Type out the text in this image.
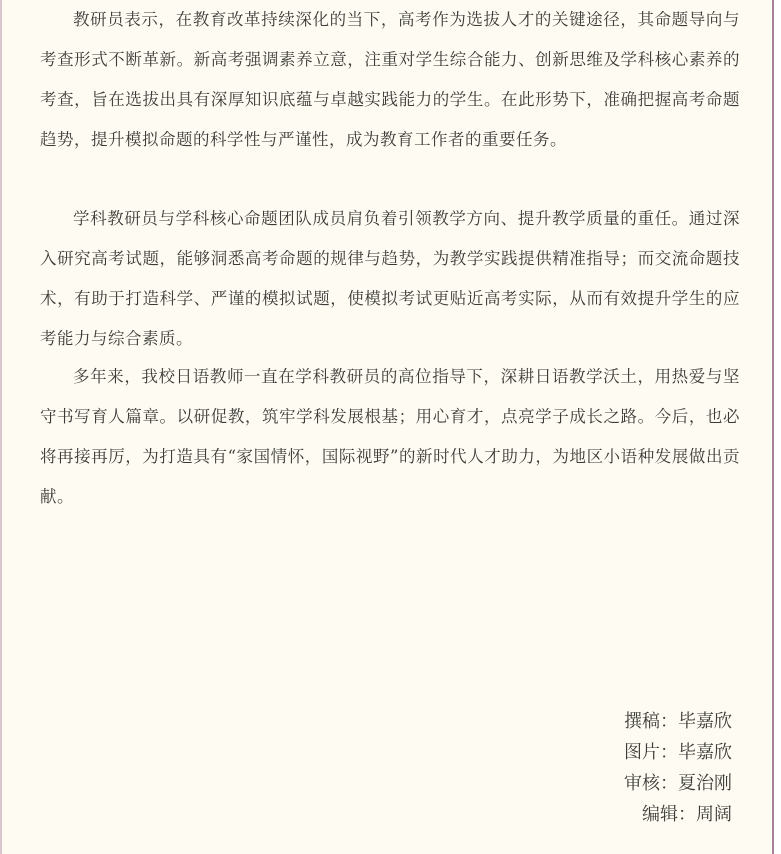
教研员表示，在教育改革持续深化的当下，高考作为选拔人才的关键途径，其命题导向与考查形式不断革新。新高考强调素养立意，注重对学生综合能力、创新思维及学科核心素养的考查，旨在选拔出具有深厚知识底蕴与卓越实践能力的学生。在此形势下，准确把握高考命题趋势，提升模拟命题的科学性与严谨性，成为教育工作者的重要任务。

学科教研员与学科核心命题团队成员肩负着引领教学方向、提升教学质量的重任。通过深入研究高考试题，能够洞悉高考命题的规律与趋势，为教学实践提供精准指导；而交流命题技术，有助于打造科学、严谨的模拟试题，使模拟考试更贴近高考实际，从而有效提升学生的应考能力与综合素质。

多年来，我校日语教师一直在学科教研员的高位指导下，深耕日语教学沃土，用热爱与坚守书写育人篇章。以研促教，筑牢学科发展根基；用心育才，点亮学子成长之路。今后，也必将再接再厉，为打造具有“家国情怀，国际视野”的新时代人才助力，为地区小语种发展做出贡献。

撰稿：毕嘉欣
图片：毕嘉欣
审核：夏治刚
编辑：周阔
